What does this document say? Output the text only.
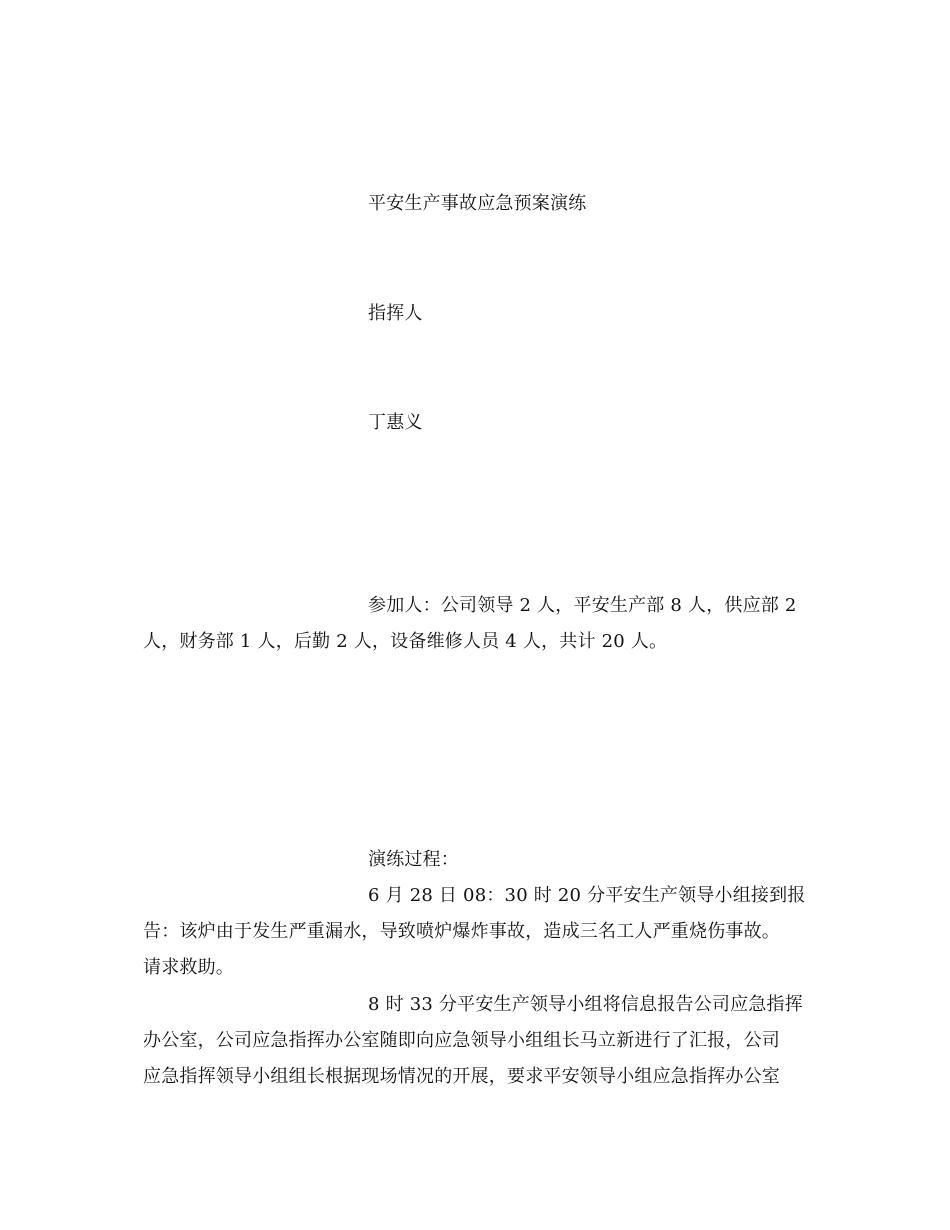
平安生产事故应急预案演练
指挥人
丁惠义
参加人：公司领导 2 人，平安生产部 8 人，供应部 2
人，财务部 1 人，后勤 2 人，设备维修人员 4 人，共计 20 人。
演练过程：
6 月 28 日 08：30 时 20 分平安生产领导小组接到报
告：该炉由于发生严重漏水，导致喷炉爆炸事故，造成三名工人严重烧伤事故。
请求救助。
8 时 33 分平安生产领导小组将信息报告公司应急指挥
办公室，公司应急指挥办公室随即向应急领导小组组长马立新进行了汇报，公司
应急指挥领导小组组长根据现场情况的开展，要求平安领导小组应急指挥办公室
